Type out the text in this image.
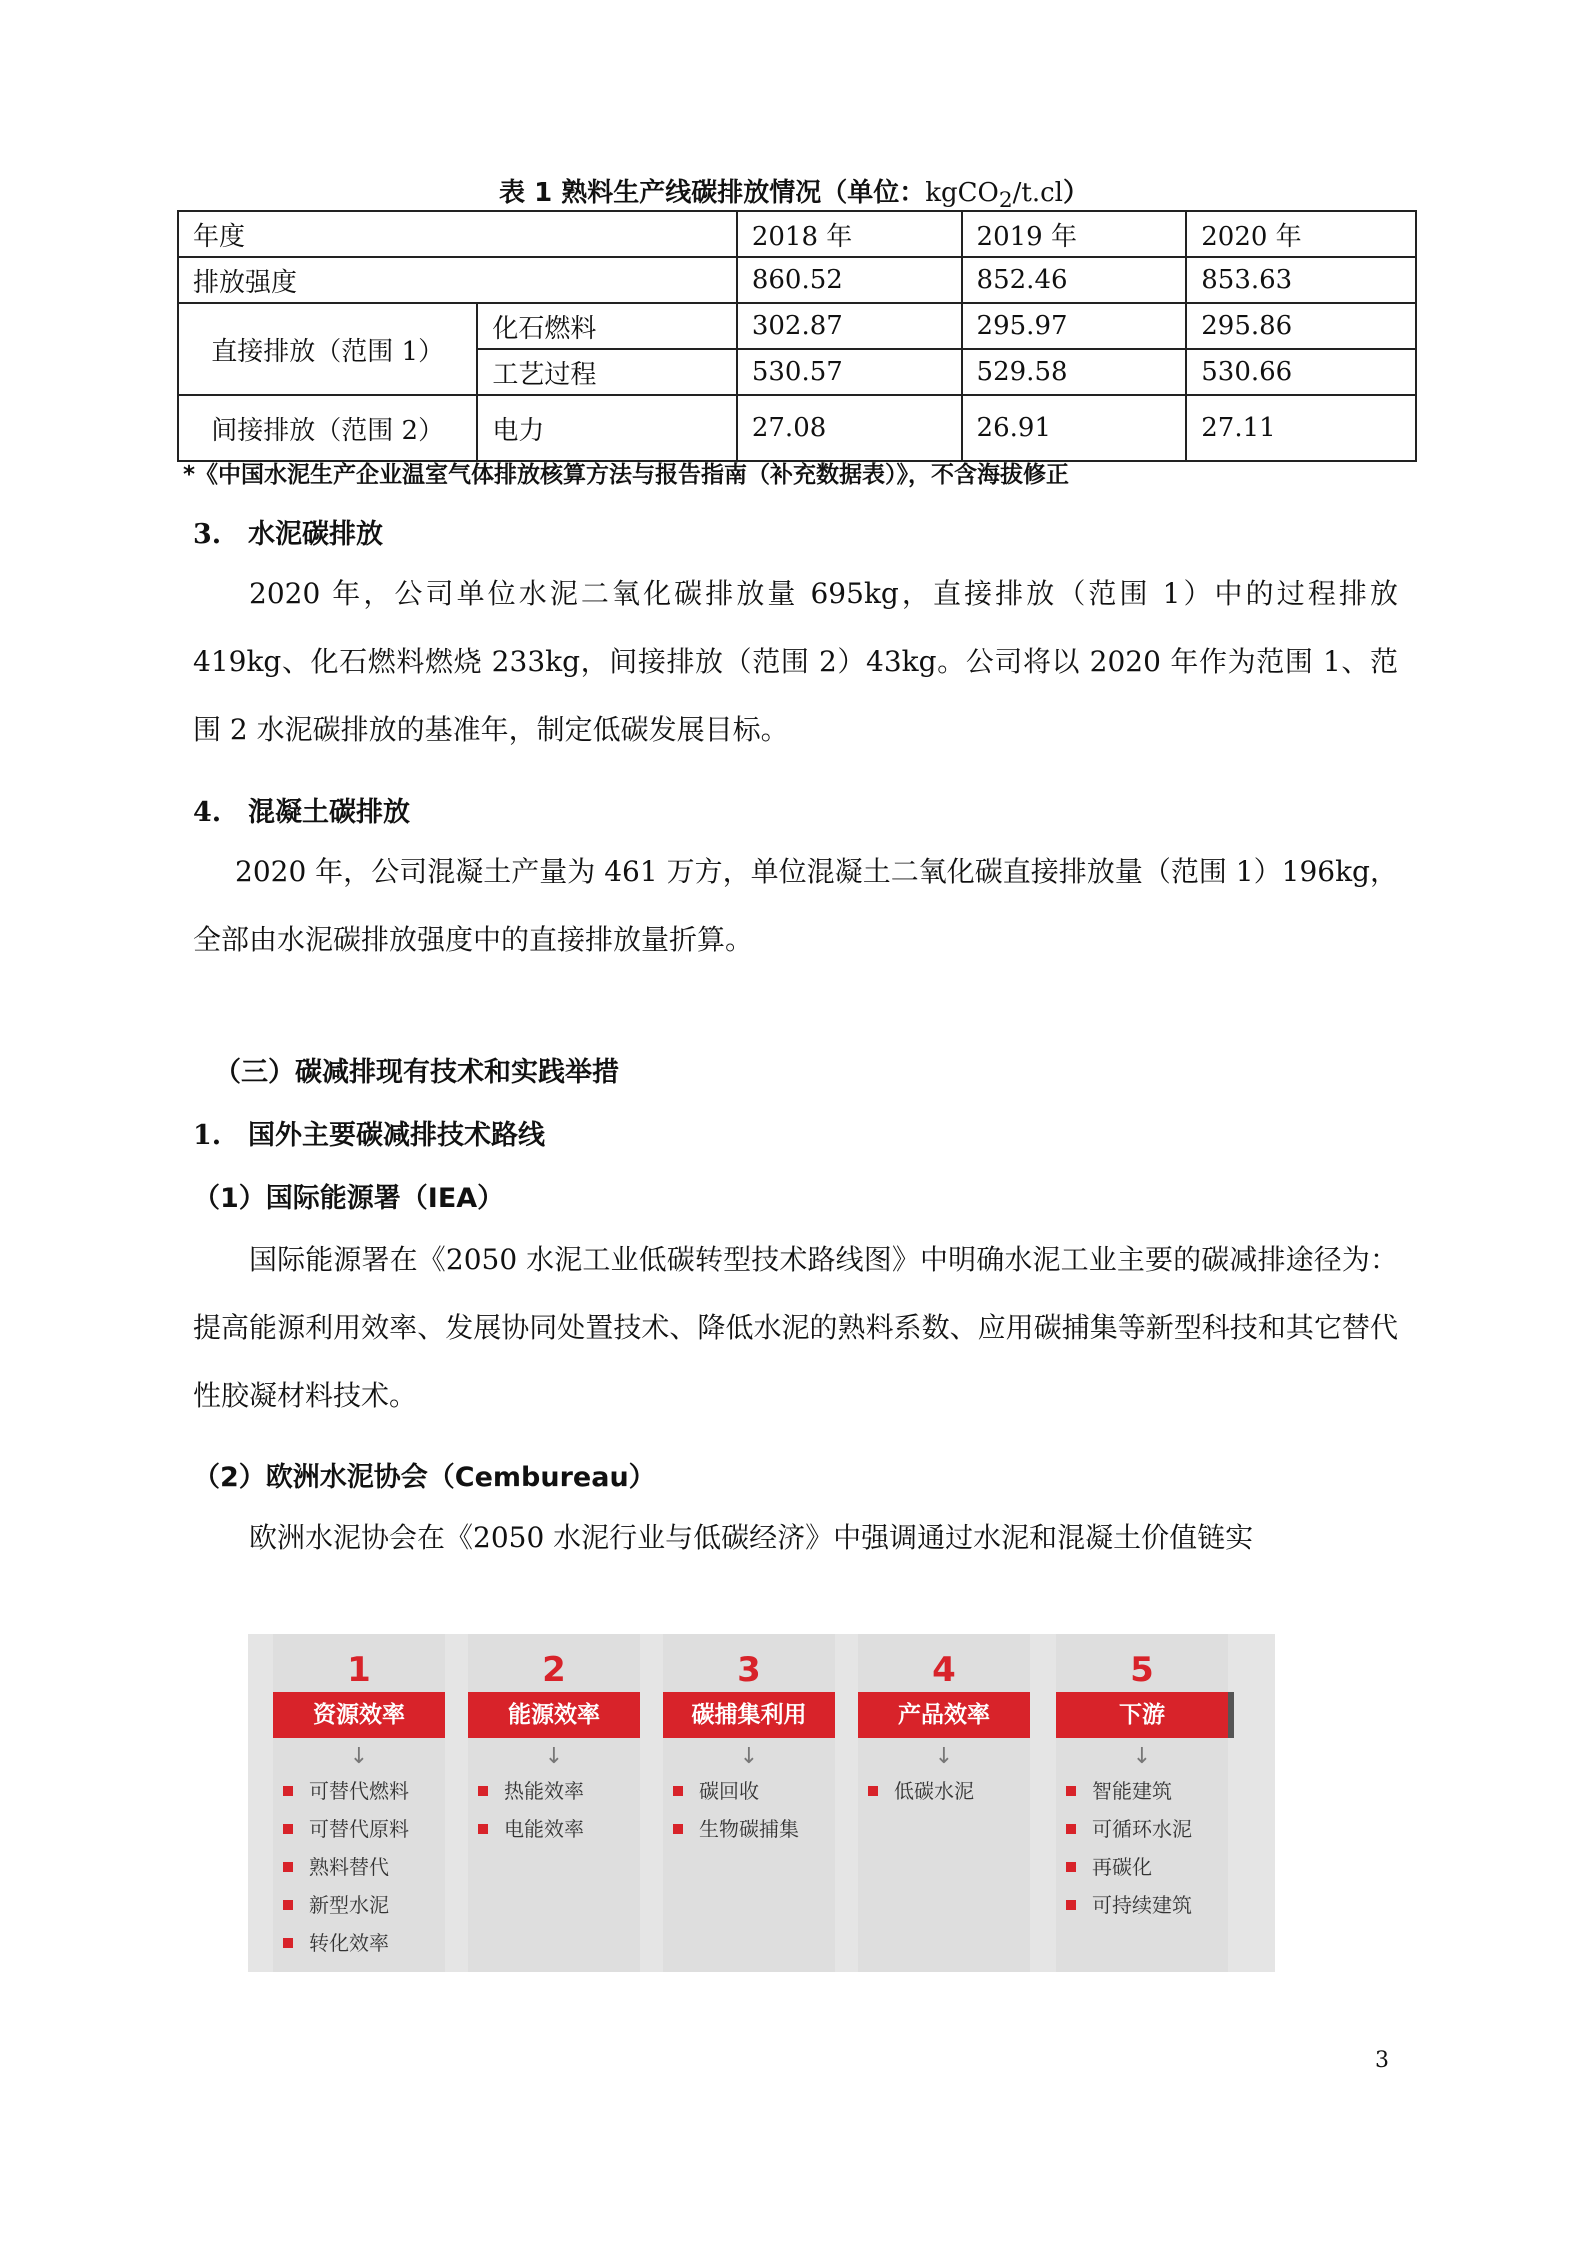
表 1 熟料生产线碳排放情况（单位：kgCO$_2$/t.cl）
年度		2018 年	2019 年	2020 年
排放强度		860.52	852.46	853.63
直接排放（范围 1）	化石燃料	302.87	295.97	295.86
	工艺过程	530.57	529.58	530.66
间接排放（范围 2）	电力	27.08	26.91	27.11
*《中国水泥生产企业温室气体排放核算方法与报告指南（补充数据表）》，不含海拔修正
3. 水泥碳排放
2020 年，公司单位水泥二氧化碳排放量 695kg，直接排放（范围 1）中的过程排放 419kg、化石燃料燃烧 233kg，间接排放（范围 2）43kg。公司将以 2020 年作为范围 1、范围 2 水泥碳排放的基准年，制定低碳发展目标。
4. 混凝土碳排放
2020 年，公司混凝土产量为 461 万方，单位混凝土二氧化碳直接排放量（范围 1）196kg，全部由水泥碳排放强度中的直接排放量折算。
（三）碳减排现有技术和实践举措
1. 国外主要碳减排技术路线
（1）国际能源署（IEA）
国际能源署在《2050 水泥工业低碳转型技术路线图》中明确水泥工业主要的碳减排途径为：提高能源利用效率、发展协同处置技术、降低水泥的熟料系数、应用碳捕集等新型科技和其它替代性胶凝材料技术。
（2）欧洲水泥协会（Cembureau）
欧洲水泥协会在《2050 水泥行业与低碳经济》中强调通过水泥和混凝土价值链实
1
资源效率
↓
可替代燃料
可替代原料
熟料替代
新型水泥
转化效率
2
能源效率
↓
热能效率
电能效率
3
碳捕集利用
↓
碳回收
生物碳捕集
4
产品效率
↓
低碳水泥
5
下游
↓
智能建筑
可循环水泥
再碳化
可持续建筑
3
